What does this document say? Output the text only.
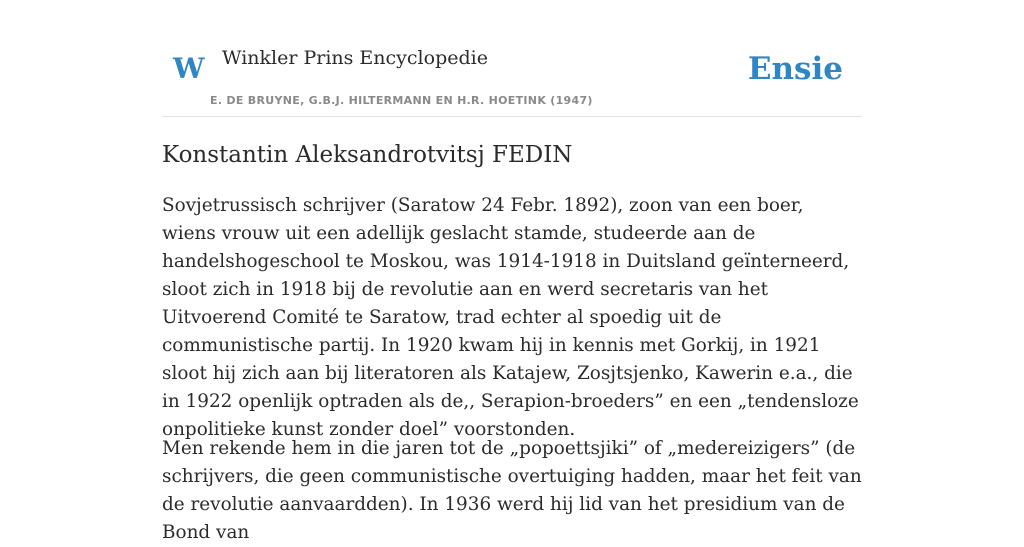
W Winkler Prins Encyclopedie
E. DE BRUYNE, G.B.J. HILTERMANN EN H.R. HOETINK (1947)
Ensie
Konstantin Aleksandrotvitsj FEDIN

Sovjetrussisch schrijver (Saratow 24 Febr. 1892), zoon van een boer, wiens vrouw uit een adellijk geslacht stamde, studeerde aan de handelshogeschool te Moskou, was 1914-1918 in Duitsland geïnterneerd, sloot zich in 1918 bij de revolutie aan en werd secretaris van het Uitvoerend Comité te Saratow, trad echter al spoedig uit de communistische partij. In 1920 kwam hij in kennis met Gorkij, in 1921 sloot hij zich aan bij literatoren als Katajew, Zosjtsjenko, Kawerin e.a., die in 1922 openlijk optraden als de,, Serapion-broeders” en een „tendensloze onpolitieke kunst zonder doel” voorstonden.

Men rekende hem in die jaren tot de „popoettsjiki” of „medereizigers” (de schrijvers, die geen communistische overtuiging hadden, maar het feit van de revolutie aanvaardden). In 1936 werd hij lid van het presidium van de Bond van
